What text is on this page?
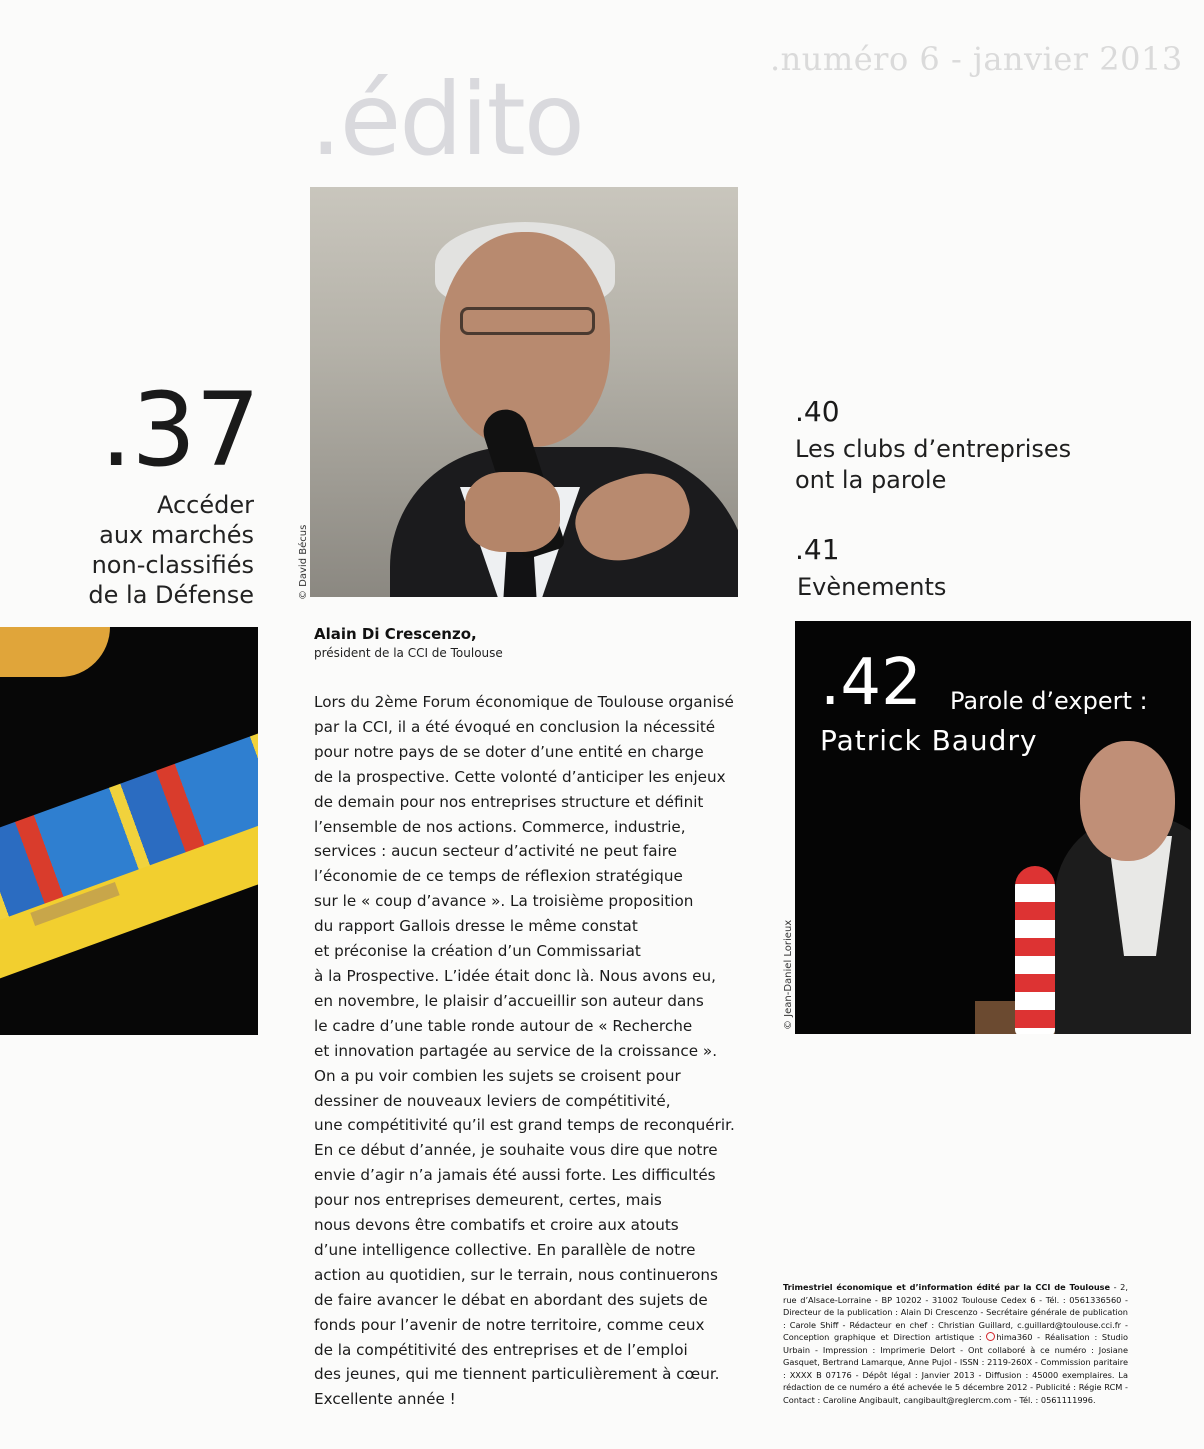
.numéro 6 - janvier 2013
.édito
© David Bécus
.37
Accéder
aux marchés
non-classifiés
de la Défense
.40
Les clubs d’entreprises
ont la parole
.41
Evènements
.42 Parole d’expert :
Patrick Baudry
© Jean-Daniel Lorieux
Alain Di Crescenzo,
président de la CCI de Toulouse
Lors du 2ème Forum économique de Toulouse organisé
par la CCI, il a été évoqué en conclusion la nécessité
pour notre pays de se doter d’une entité en charge
de la prospective. Cette volonté d’anticiper les enjeux
de demain pour nos entreprises structure et définit
l’ensemble de nos actions. Commerce, industrie,
services : aucun secteur d’activité ne peut faire
l’économie de ce temps de réflexion stratégique
sur le « coup d’avance ». La troisième proposition
du rapport Gallois dresse le même constat
et préconise la création d’un Commissariat
à la Prospective. L’idée était donc là. Nous avons eu,
en novembre, le plaisir d’accueillir son auteur dans
le cadre d’une table ronde autour de « Recherche
et innovation partagée au service de la croissance ».
On a pu voir combien les sujets se croisent pour
dessiner de nouveaux leviers de compétitivité,
une compétitivité qu’il est grand temps de reconquérir.
En ce début d’année, je souhaite vous dire que notre
envie d’agir n’a jamais été aussi forte. Les difficultés
pour nos entreprises demeurent, certes, mais
nous devons être combatifs et croire aux atouts
d’une intelligence collective. En parallèle de notre
action au quotidien, sur le terrain, nous continuerons
de faire avancer le débat en abordant des sujets de
fonds pour l’avenir de notre territoire, comme ceux
de la compétitivité des entreprises et de l’emploi
des jeunes, qui me tiennent particulièrement à cœur.
Excellente année !
Trimestriel économique et d’information édité par la CCI de Toulouse - 2, rue d’Alsace-Lorraine - BP 10202 - 31002 Toulouse Cedex 6 - Tél. : 0561336560 - Directeur de la publication : Alain Di Crescenzo - Secrétaire générale de publication : Carole Shiff - Rédacteur en chef : Christian Guillard, c.guillard@toulouse.cci.fr - Conception graphique et Direction artistique : hima360 - Réalisation : Studio Urbain - Impression : Imprimerie Delort - Ont collaboré à ce numéro : Josiane Gasquet, Bertrand Lamarque, Anne Pujol - ISSN : 2119-260X - Commission paritaire : XXXX B 07176 - Dépôt légal : Janvier 2013 - Diffusion : 45000 exemplaires. La rédaction de ce numéro a été achevée le 5 décembre 2012 - Publicité : Régie RCM - Contact : Caroline Angibault, cangibault@reglercm.com - Tél. : 0561111996.
